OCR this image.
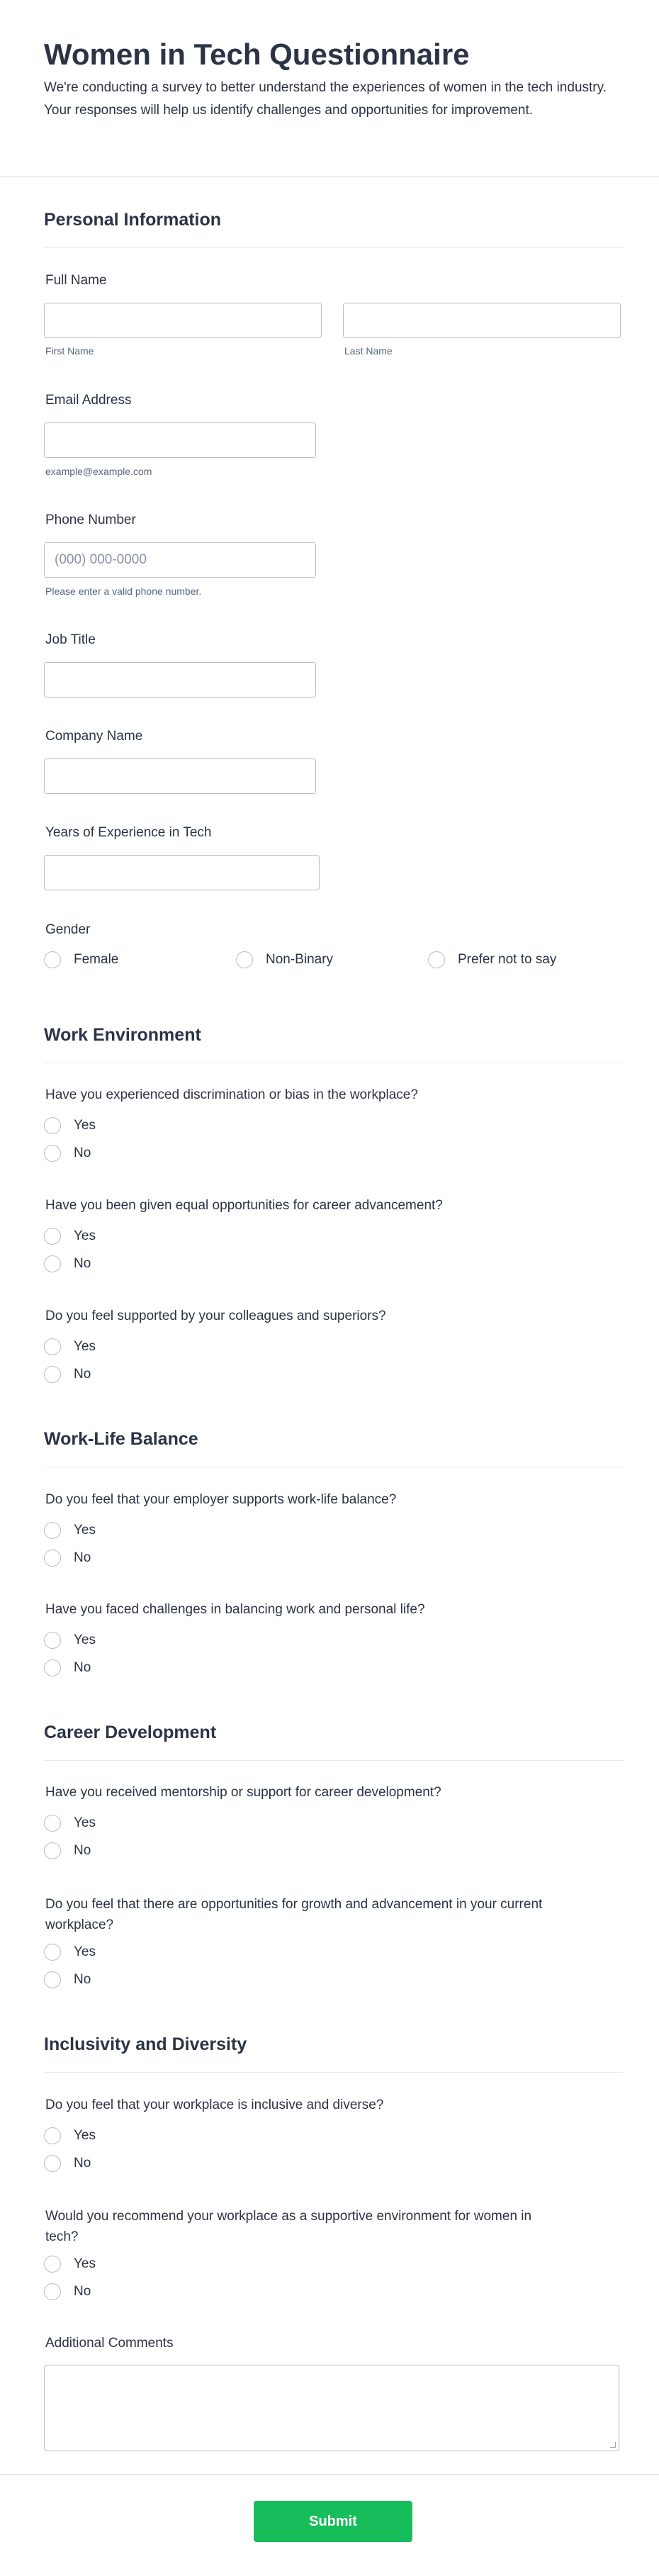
Women in Tech Questionnaire

We're conducting a survey to better understand the experiences of women in the tech industry. Your responses will help us identify challenges and opportunities for improvement.

Personal Information
Full Name
First Name	Last Name
Email Address
example@example.com
Phone Number
(000) 000-0000
Please enter a valid phone number.
Job Title
Company Name
Years of Experience in Tech
Gender
Female	Non-Binary	Prefer not to say
Work Environment
Have you experienced discrimination or bias in the workplace?
Yes
No
Have you been given equal opportunities for career advancement?
Yes
No
Do you feel supported by your colleagues and superiors?
Yes
No
Work-Life Balance
Do you feel that your employer supports work-life balance?
Yes
No
Have you faced challenges in balancing work and personal life?
Yes
No
Career Development
Have you received mentorship or support for career development?
Yes
No
Do you feel that there are opportunities for growth and advancement in your current
workplace?
Yes
No
Inclusivity and Diversity
Do you feel that your workplace is inclusive and diverse?
Yes
No
Would you recommend your workplace as a supportive environment for women in
tech?
Yes
No
Additional Comments
Submit
